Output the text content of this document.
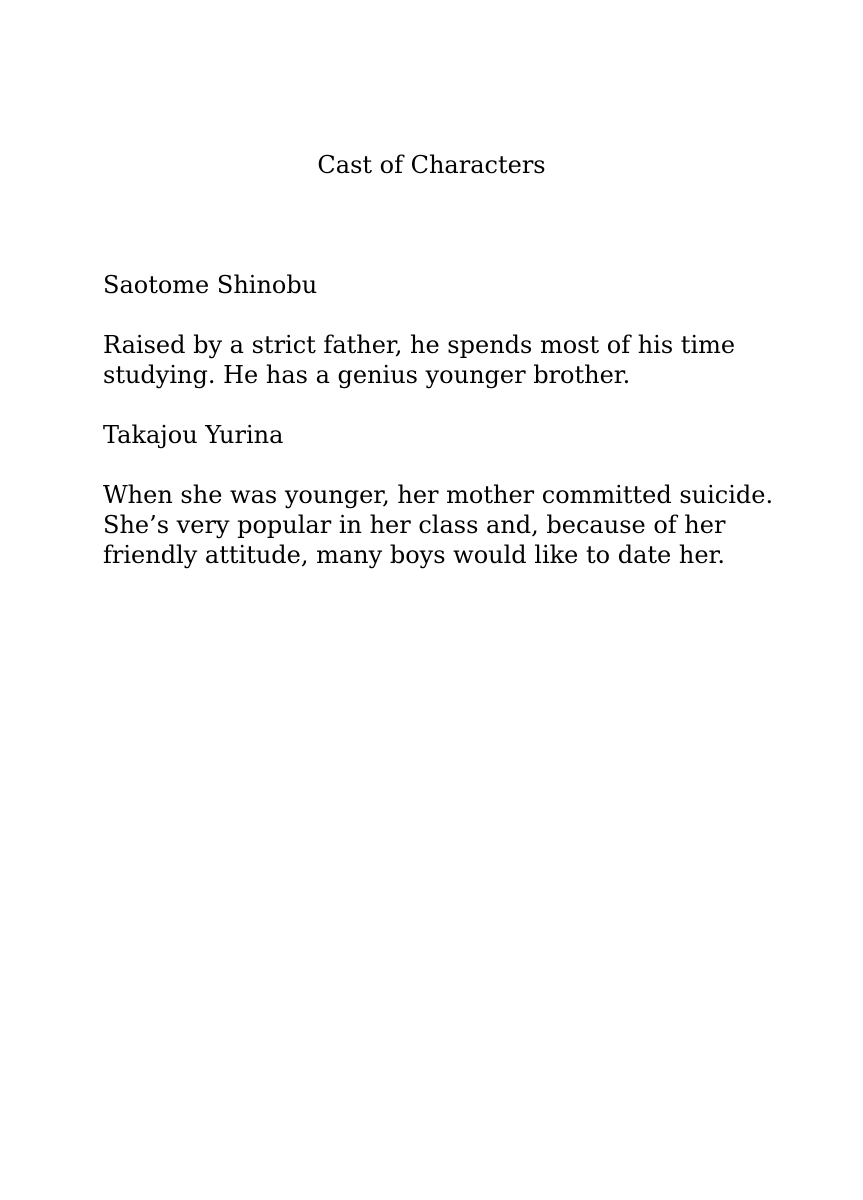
Cast of Characters

Saotome Shinobu

Raised by a strict father, he spends most of his time
studying. He has a genius younger brother.

Takajou Yurina

When she was younger, her mother committed suicide.
She’s very popular in her class and, because of her
friendly attitude, many boys would like to date her.
